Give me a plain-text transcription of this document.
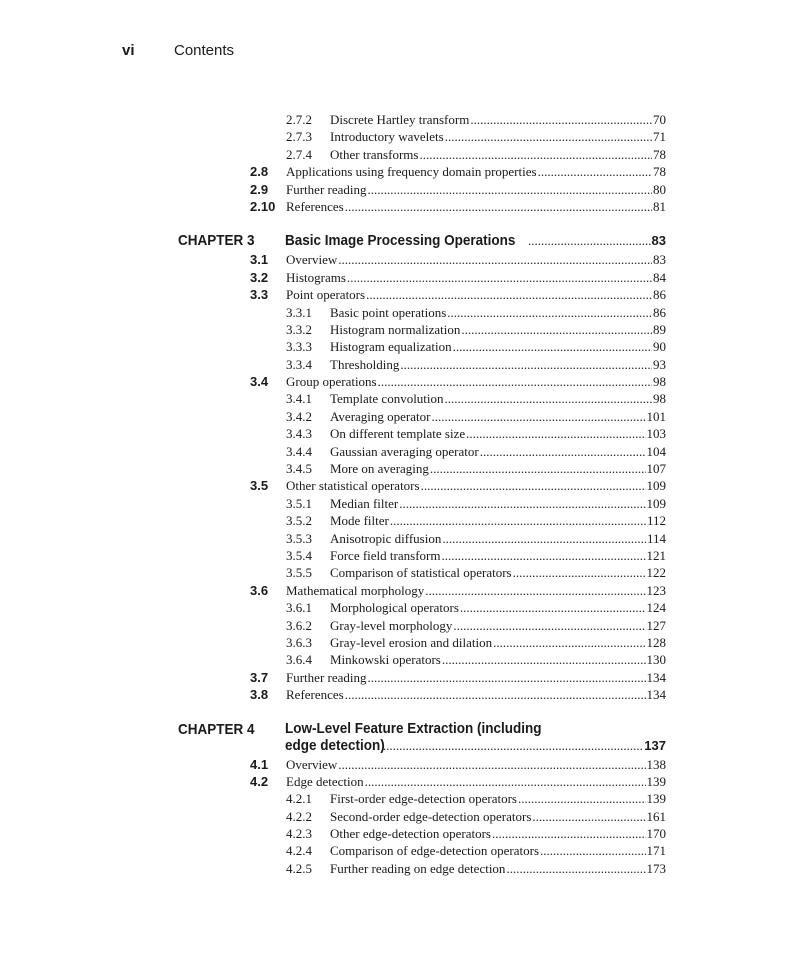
vi	Contents
2.7.2 Discrete Hartley transform .....	70
2.7.3 Introductory wavelets .....	71
2.7.4 Other transforms .....	78
2.8 Applications using frequency domain properties .....	78
2.9 Further reading .....	80
2.10 References .....	81
CHAPTER 3 Basic Image Processing Operations .....	83
3.1 Overview .....	83
3.2 Histograms .....	84
3.3 Point operators .....	86
3.3.1 Basic point operations .....	86
3.3.2 Histogram normalization .....	89
3.3.3 Histogram equalization .....	90
3.3.4 Thresholding .....	93
3.4 Group operations .....	98
3.4.1 Template convolution .....	98
3.4.2 Averaging operator .....	101
3.4.3 On different template size .....	103
3.4.4 Gaussian averaging operator .....	104
3.4.5 More on averaging .....	107
3.5 Other statistical operators .....	109
3.5.1 Median filter .....	109
3.5.2 Mode filter .....	112
3.5.3 Anisotropic diffusion .....	114
3.5.4 Force field transform .....	121
3.5.5 Comparison of statistical operators .....	122
3.6 Mathematical morphology .....	123
3.6.1 Morphological operators .....	124
3.6.2 Gray-level morphology .....	127
3.6.3 Gray-level erosion and dilation .....	128
3.6.4 Minkowski operators .....	130
3.7 Further reading .....	134
3.8 References .....	134
CHAPTER 4 Low-Level Feature Extraction (including
edge detection) .....	137
4.1 Overview .....	138
4.2 Edge detection .....	139
4.2.1 First-order edge-detection operators .....	139
4.2.2 Second-order edge-detection operators .....	161
4.2.3 Other edge-detection operators .....	170
4.2.4 Comparison of edge-detection operators .....	171
4.2.5 Further reading on edge detection .....	173
